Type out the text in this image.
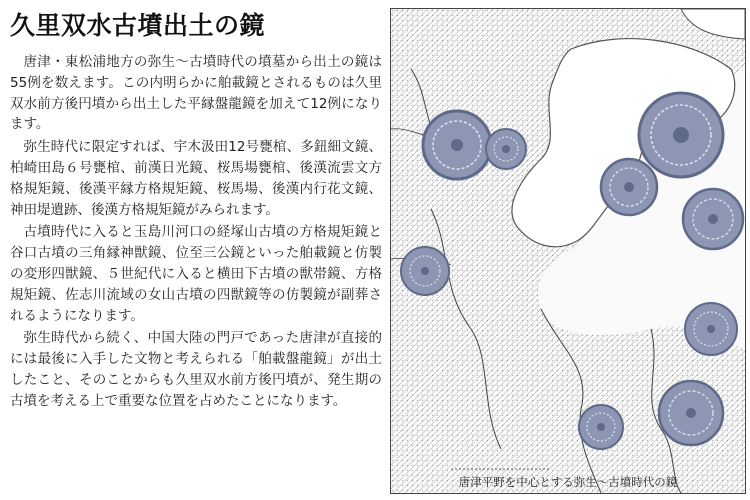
久里双水古墳出土の鏡

唐津・東松浦地方の弥生～古墳時代の墳墓から出土の鏡は55例を数えます。この内明らかに舶載鏡とされるものは久里双水前方後円墳から出土した平縁盤龍鏡を加えて12例になります。

弥生時代に限定すれば、宇木汲田12号甕棺、多鈕細文鏡、柏崎田島６号甕棺、前漢日光鏡、桜馬場甕棺、後漢流雲文方格規矩鏡、後漢平縁方格規矩鏡、桜馬場、後漢内行花文鏡、神田堤遺跡、後漢方格規矩鏡がみられます。

古墳時代に入ると玉島川河口の経塚山古墳の方格規矩鏡と谷口古墳の三角縁神獣鏡、位至三公鏡といった舶載鏡と仿製の変形四獣鏡、５世紀代に入ると横田下古墳の獣帯鏡、方格規矩鏡、佐志川流域の女山古墳の四獣鏡等の仿製鏡が副葬されるようになります。

弥生時代から続く、中国大陸の門戸であった唐津が直接的には最後に入手した文物と考えられる「舶載盤龍鏡」が出土したこと、そのことからも久里双水前方後円墳が、発生期の古墳を考える上で重要な位置を占めたことになります。

唐津平野を中心とする弥生～古墳時代の鏡
